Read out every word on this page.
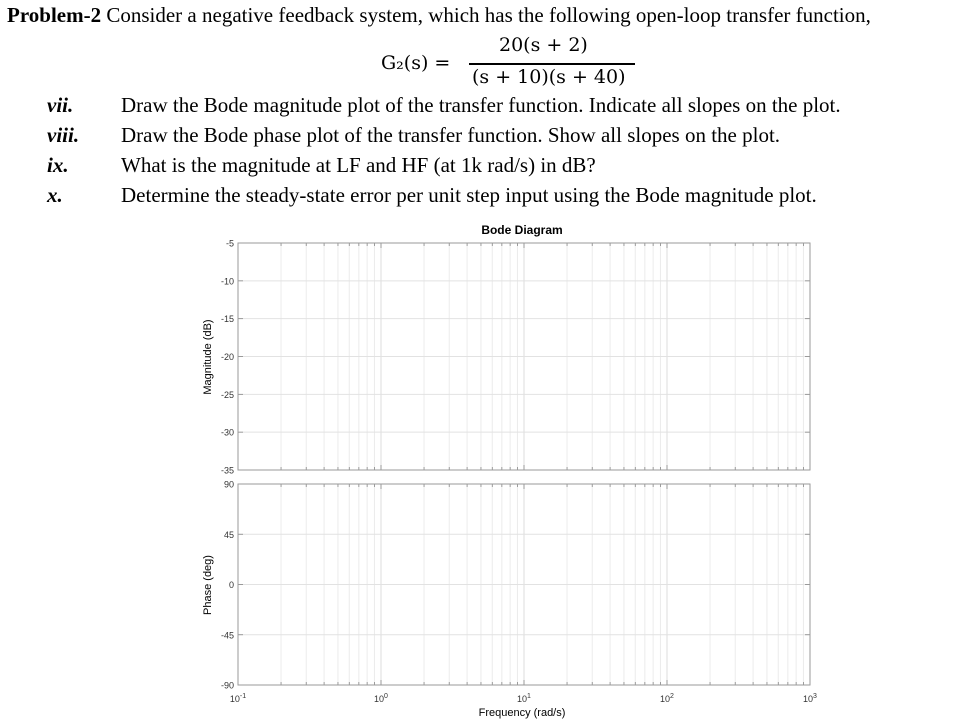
Problem-2 Consider a negative feedback system, which has the following open-loop transfer function,
G₂(s) =
20(s + 2)
(s + 10)(s + 40)
vii. Draw the Bode magnitude plot of the transfer function. Indicate all slopes on the plot.
viii. Draw the Bode phase plot of the transfer function. Show all slopes on the plot.
ix. What is the magnitude at LF and HF (at 1k rad/s) in dB?
x.	Determine the steady-state error per unit step input using the Bode magnitude plot.
Bode Diagram
-5
-10
-15
-20
-25
-30
-35
90
45
0
-45
-90
$10^{-1}$	$10^0$	$10^1$	$10^2$	$10^3$
Frequency (rad/s)
Magnitude (dB)
Phase (deg)
